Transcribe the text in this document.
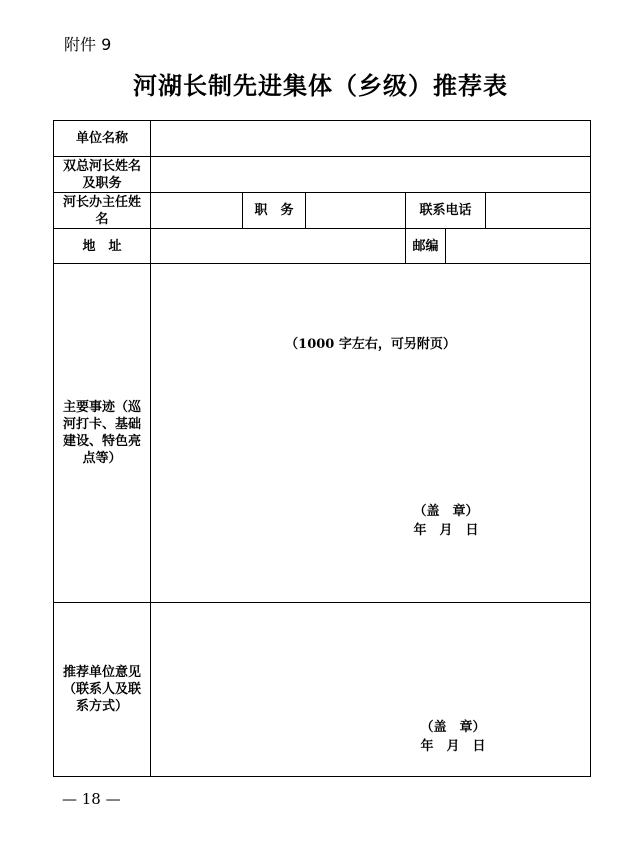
附件 9
河湖长制先进集体（乡级）推荐表
单位名称						
双总河长姓名及职务						
河长办主任姓名		职　务		联系电话		
地　址				邮编		
主要事迹（巡河打卡、基础建设、特色亮点等）	（1000 字左右，可另附页）
（盖　章）
年　月　日					

推荐单位意见（联系人及联系方式）	（盖　章）
年　月　日					
— 18 —
